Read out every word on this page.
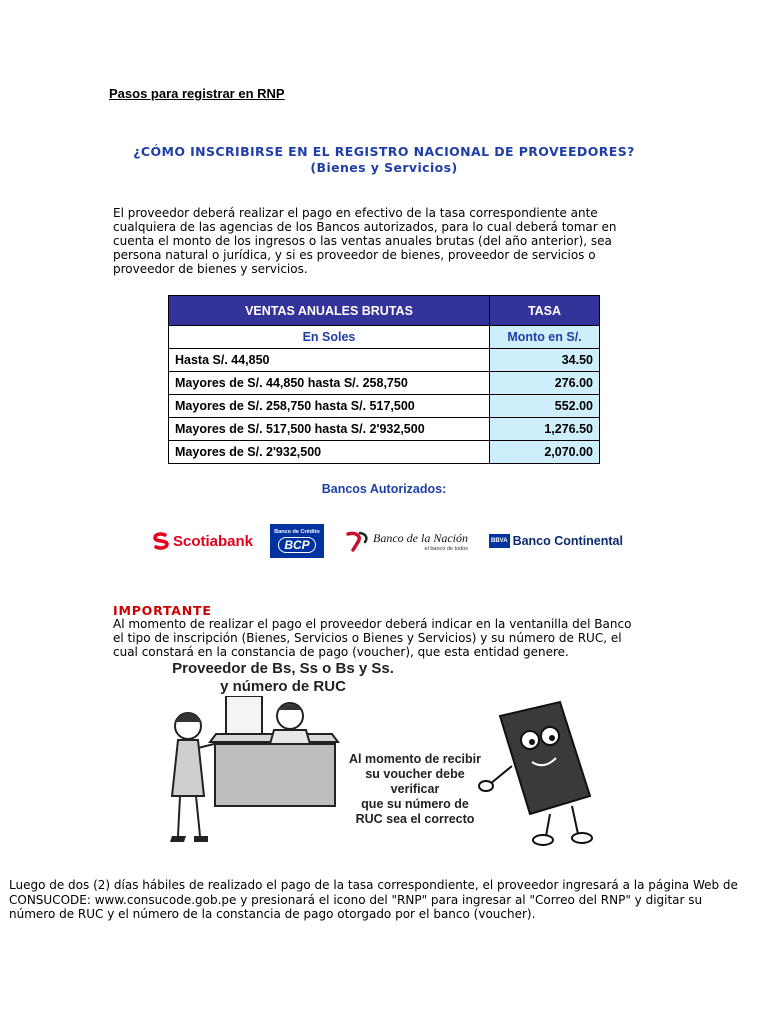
Pasos para registrar en RNP
¿CÓMO INSCRIBIRSE EN EL REGISTRO NACIONAL DE PROVEEDORES?
(Bienes y Servicios)
El proveedor deberá realizar el pago en efectivo de la tasa correspondiente ante
cualquiera de las agencias de los Bancos autorizados, para lo cual deberá tomar en
cuenta el monto de los ingresos o las ventas anuales brutas (del año anterior), sea
persona natural o jurídica, y si es proveedor de bienes, proveedor de servicios o
proveedor de bienes y servicios.
VENTAS ANUALES BRUTAS	TASA
En Soles	Monto en S/.
Hasta S/. 44,850	34.50
Mayores de S/. 44,850 hasta S/. 258,750	276.00
Mayores de S/. 258,750 hasta S/. 517,500	552.00
Mayores de S/. 517,500 hasta S/. 2'932,500	1,276.50
Mayores de S/. 2'932,500	2,070.00
Bancos Autorizados:
Scotiabank
Banco de Crédito
BCP
Banco de la Nación
el banco de todos
BBVA Banco Continental
IMPORTANTE
Al momento de realizar el pago el proveedor deberá indicar en la ventanilla del Banco
el tipo de inscripción (Bienes, Servicios o Bienes y Servicios) y su número de RUC, el
cual constará en la constancia de pago (voucher), que esta entidad genere.
Proveedor de Bs, Ss o Bs y Ss.
y número de RUC
Al momento de recibir
su voucher debe verificar
que su número de
RUC sea el correcto
Luego de dos (2) días hábiles de realizado el pago de la tasa correspondiente, el proveedor ingresará a la página Web de
CONSUCODE: www.consucode.gob.pe y presionará el icono del "RNP" para ingresar al "Correo del RNP" y digitar su
número de RUC y el número de la constancia de pago otorgado por el banco (voucher).
